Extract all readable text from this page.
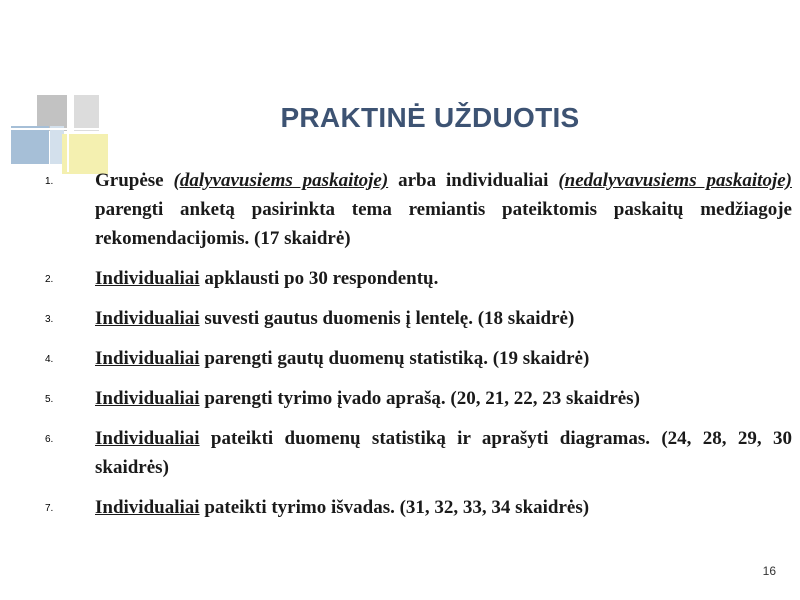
PRAKTINĖ UŽDUOTIS
1.	Grupėse (dalyvavusiems paskaitoje) arba individualiai (nedalyvavusiems paskaitoje) parengti anketą pasirinkta tema remiantis pateiktomis paskaitų medžiagoje rekomendacijomis. (17 skaidrė)
2.	Individualiai apklausti po 30 respondentų.
3.	Individualiai suvesti gautus duomenis į lentelę. (18 skaidrė)
4.	Individualiai parengti gautų duomenų statistiką. (19 skaidrė)
5.	Individualiai parengti tyrimo įvado aprašą. (20, 21, 22, 23 skaidrės)
6.	Individualiai pateikti duomenų statistiką ir aprašyti diagramas. (24, 28, 29, 30 skaidrės)
7.	Individualiai pateikti tyrimo išvadas. (31, 32, 33, 34 skaidrės)
16
